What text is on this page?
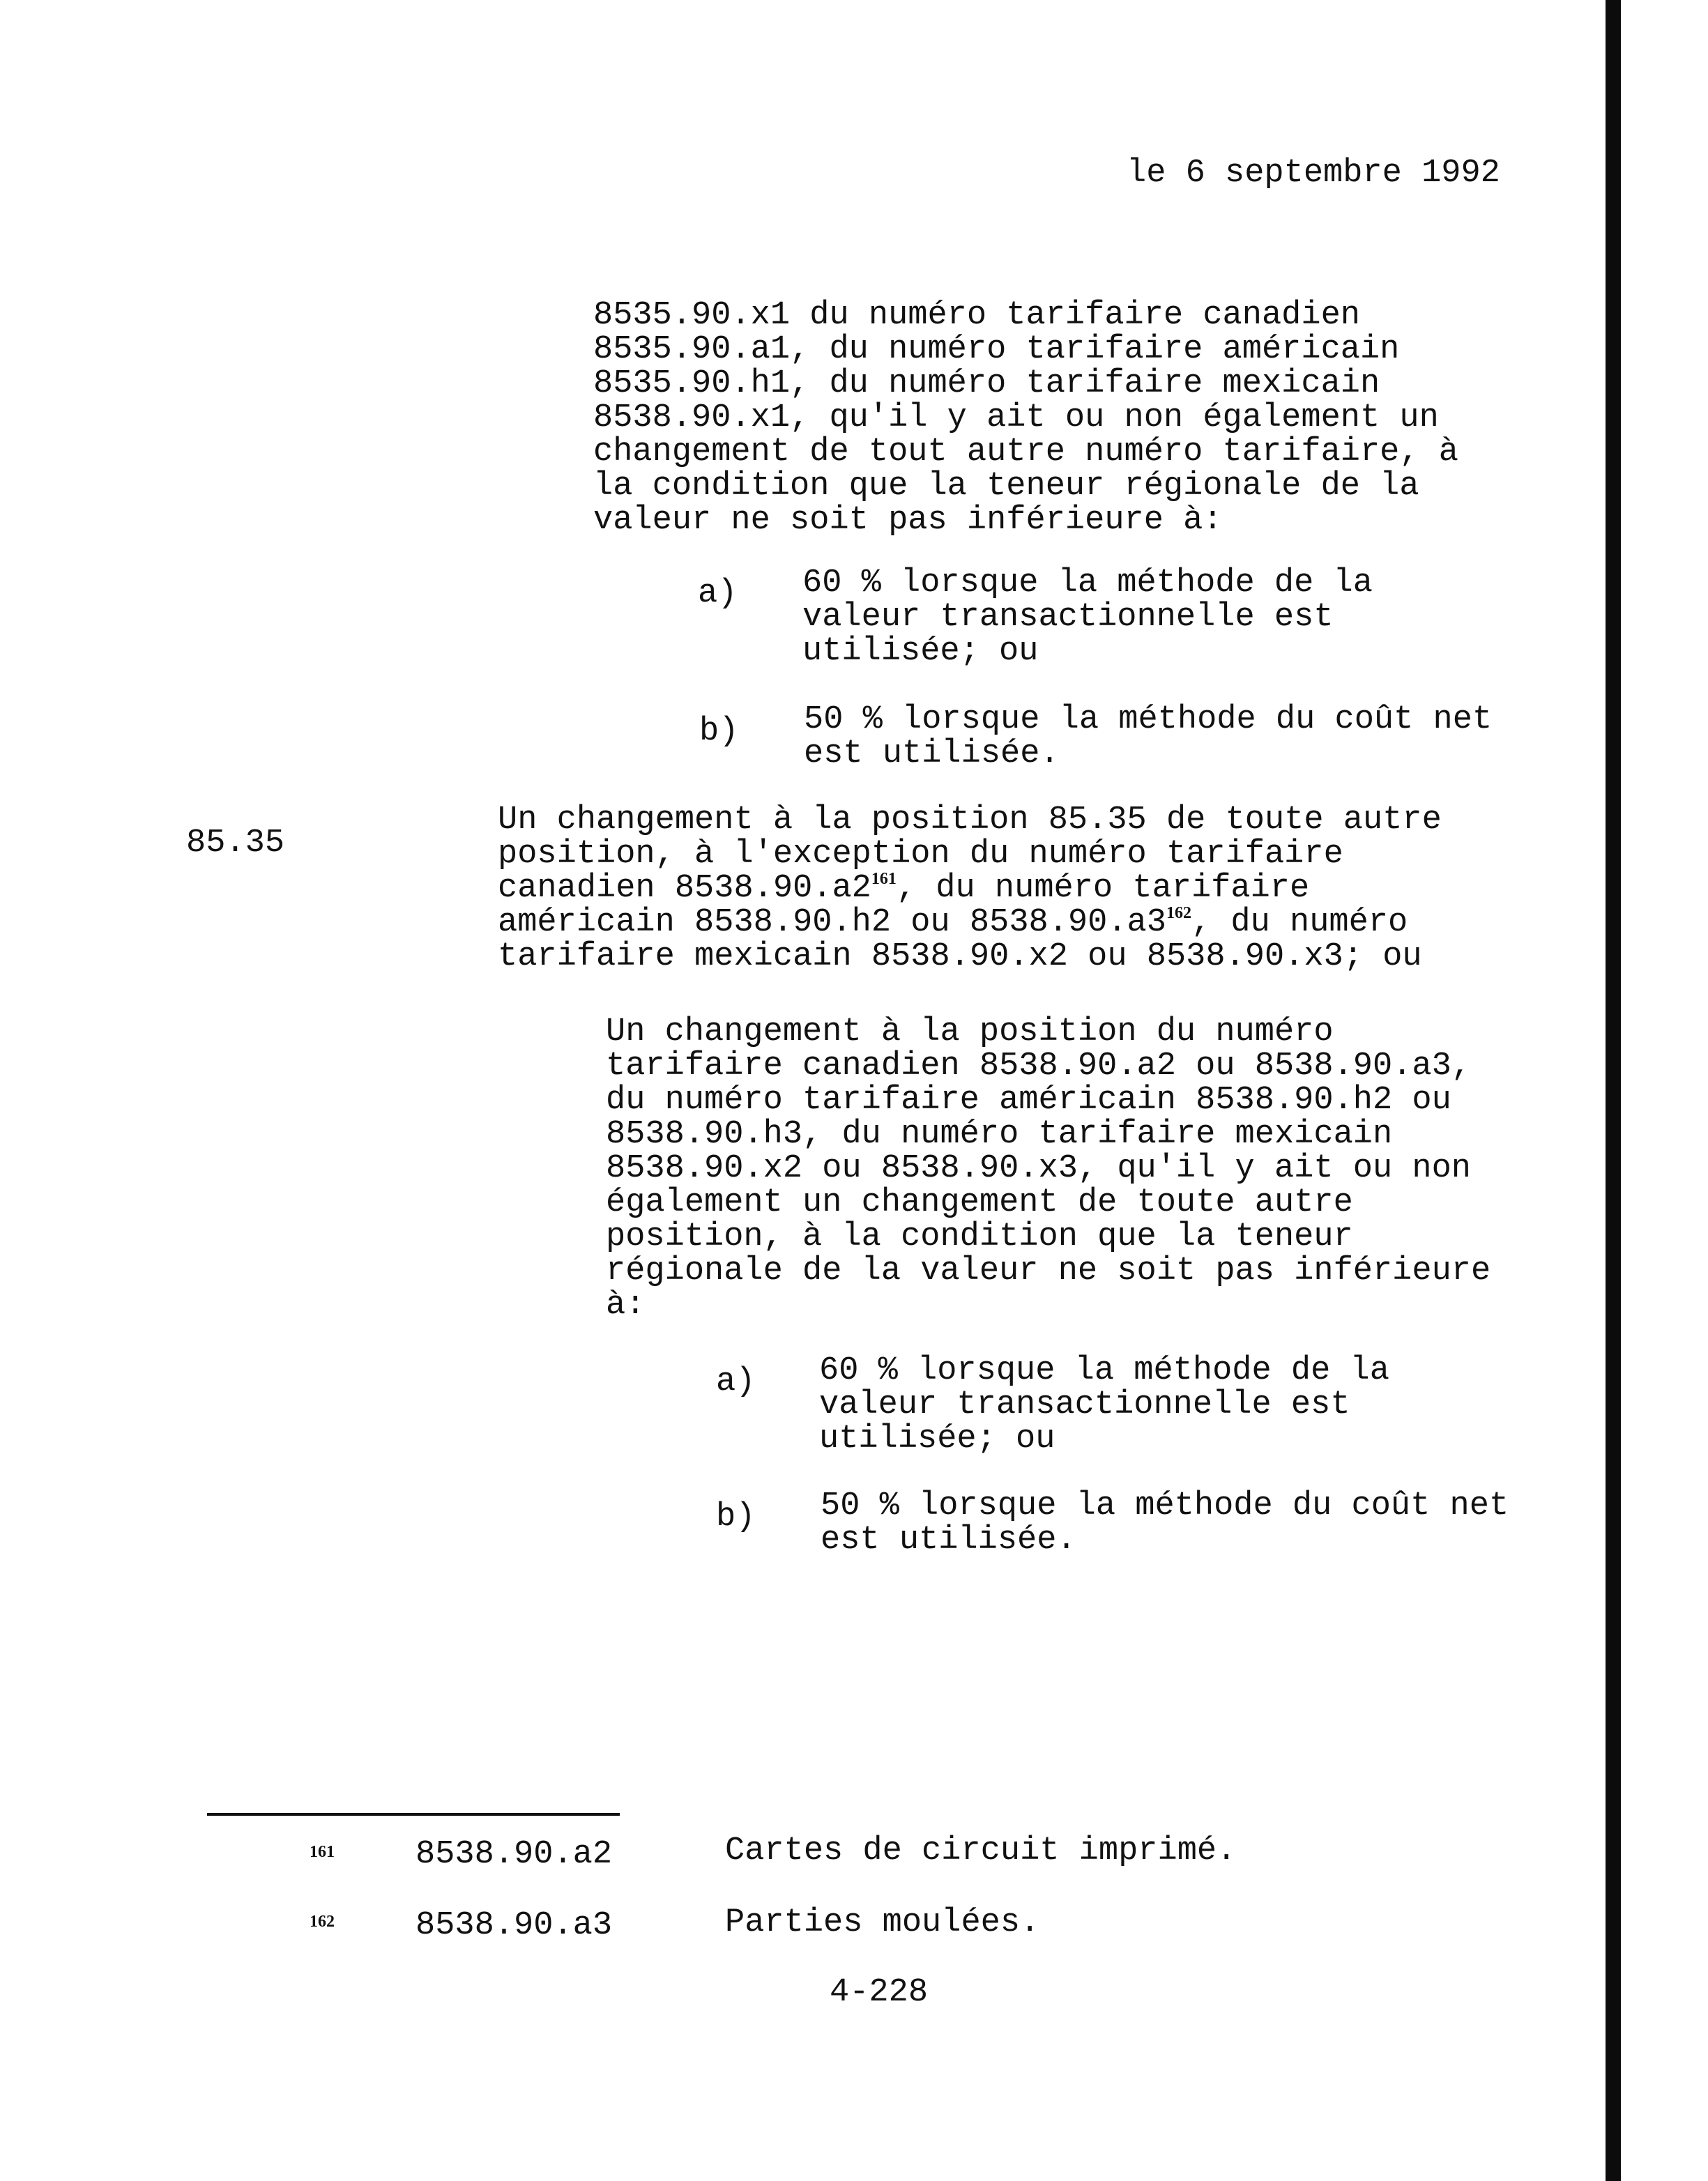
le 6 septembre 1992

8535.90.x1 du numéro tarifaire canadien
8535.90.a1, du numéro tarifaire américain
8535.90.h1, du numéro tarifaire mexicain
8538.90.x1, qu'il y ait ou non également un
changement de tout autre numéro tarifaire, à
la condition que la teneur régionale de la
valeur ne soit pas inférieure à:

a) 60 % lorsque la méthode de la
valeur transactionnelle est
utilisée; ou

b) 50 % lorsque la méthode du coût net
est utilisée.

85.35

Un changement à la position 85.35 de toute autre
position, à l'exception du numéro tarifaire
canadien $8538.90.a2^{161}$, du numéro tarifaire
américain 8538.90.h2 ou $8538.90.a3^{162}$, du numéro
tarifaire mexicain 8538.90.x2 ou 8538.90.x3; ou
Un changement à la position du numéro
tarifaire canadien 8538.90.a2 ou 8538.90.a3,
du numéro tarifaire américain 8538.90.h2 ou
8538.90.h3, du numéro tarifaire mexicain
8538.90.x2 ou 8538.90.x3, qu'il y ait ou non
également un changement de toute autre
position, à la condition que la teneur
régionale de la valeur ne soit pas inférieure
à:

a) 60 % lorsque la méthode de la
valeur transactionnelle est
utilisée; ou

b) 50 % lorsque la méthode du coût net
est utilisée.
161 8538.90.a2	Cartes de circuit imprimé.

162 8538.90.a3	Parties moulées.

4-228
